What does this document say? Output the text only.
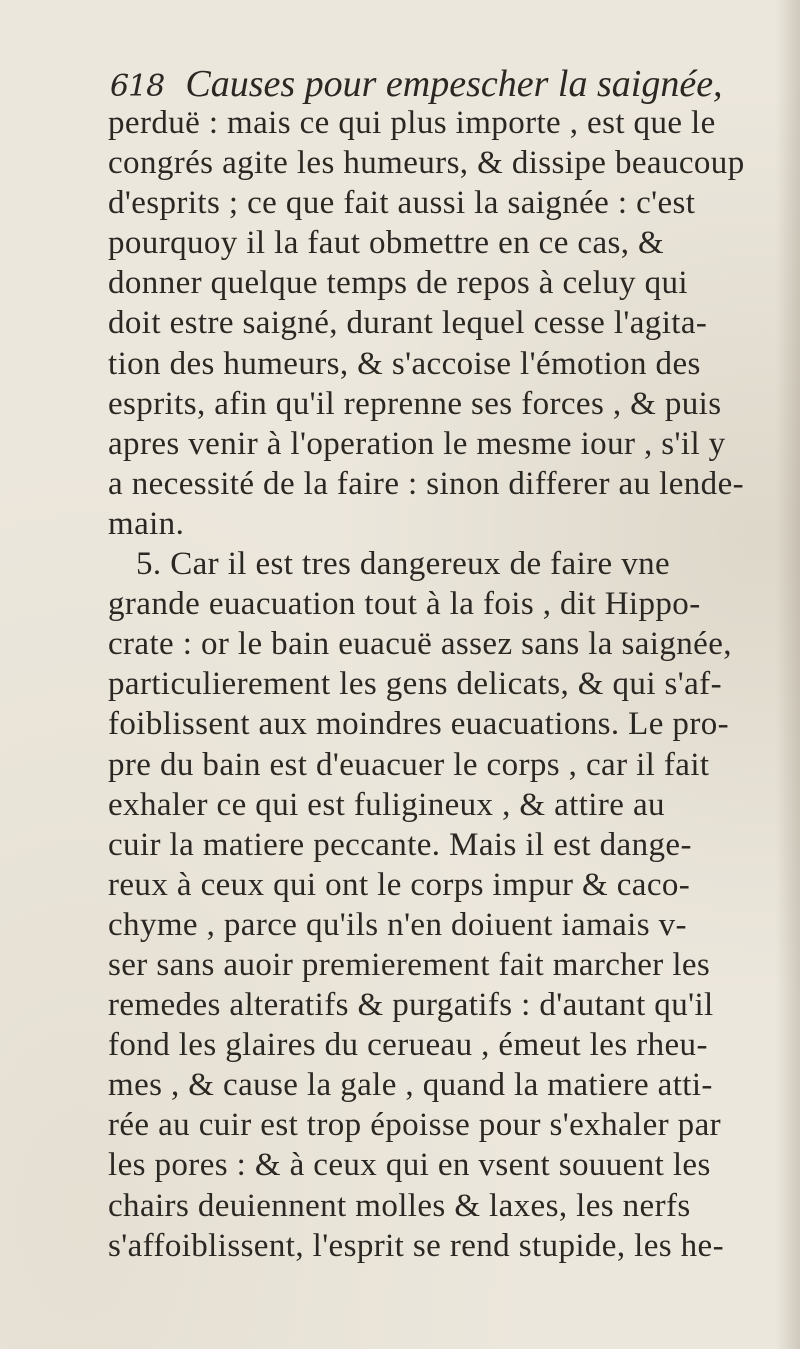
618 Causes pour empescher la saignée,
perduë : mais ce qui plus importe , est que le
congrés agite les humeurs, & dissipe beaucoup
d'esprits ; ce que fait aussi la saignée : c'est
pourquoy il la faut obmettre en ce cas, &
donner quelque temps de repos à celuy qui
doit estre saigné, durant lequel cesse l'agita-
tion des humeurs, & s'accoise l'émotion des
esprits, afin qu'il reprenne ses forces , & puis
apres venir à l'operation le mesme iour , s'il y
a necessité de la faire : sinon differer au lende-
main.
5. Car il est tres dangereux de faire vne
grande euacuation tout à la fois , dit Hippo-
crate : or le bain euacuë assez sans la saignée,
particulierement les gens delicats, & qui s'af-
foiblissent aux moindres euacuations. Le pro-
pre du bain est d'euacuer le corps , car il fait
exhaler ce qui est fuligineux , & attire au
cuir la matiere peccante. Mais il est dange-
reux à ceux qui ont le corps impur & caco-
chyme , parce qu'ils n'en doiuent iamais v-
ser sans auoir premierement fait marcher les
remedes alteratifs & purgatifs : d'autant qu'il
fond les glaires du cerueau , émeut les rheu-
mes , & cause la gale , quand la matiere atti-
rée au cuir est trop époisse pour s'exhaler par
les pores : & à ceux qui en vsent souuent les
chairs deuiennent molles & laxes, les nerfs
s'affoiblissent, l'esprit se rend stupide, les he-
